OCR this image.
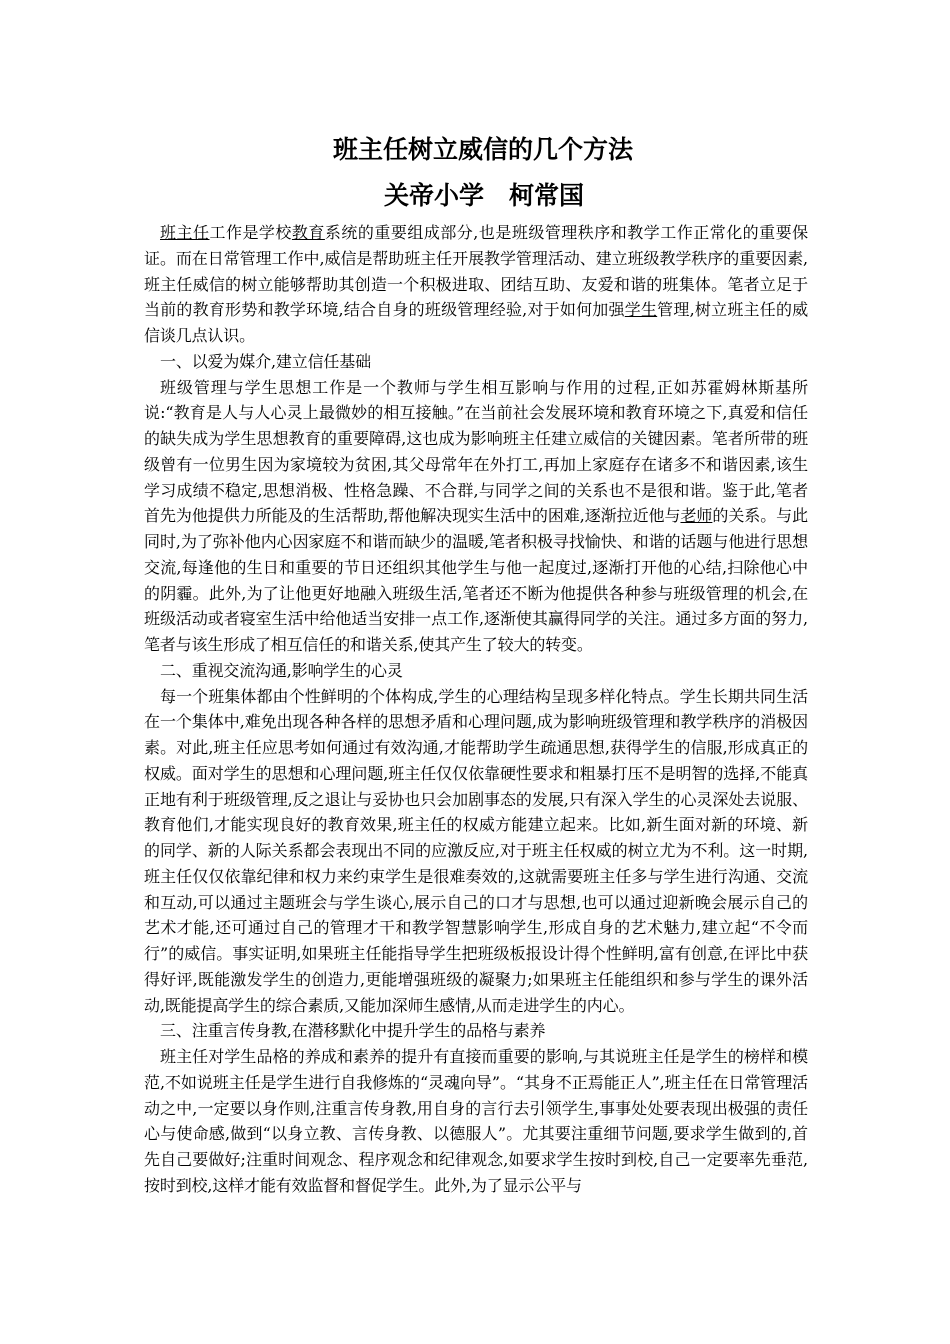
班主任树立威信的几个方法
关帝小学　柯常国

班主任工作是学校教育系统的重要组成部分,也是班级管理秩序和教学工作正常化的重要保证。而在日常管理工作中,威信是帮助班主任开展教学管理活动、建立班级教学秩序的重要因素,班主任威信的树立能够帮助其创造一个积极进取、团结互助、友爱和谐的班集体。笔者立足于当前的教育形势和教学环境,结合自身的班级管理经验,对于如何加强学生管理,树立班主任的威信谈几点认识。

一、以爱为媒介,建立信任基础

班级管理与学生思想工作是一个教师与学生相互影响与作用的过程,正如苏霍姆林斯基所说:“教育是人与人心灵上最微妙的相互接触。”在当前社会发展环境和教育环境之下,真爱和信任的缺失成为学生思想教育的重要障碍,这也成为影响班主任建立威信的关键因素。笔者所带的班级曾有一位男生因为家境较为贫困,其父母常年在外打工,再加上家庭存在诸多不和谐因素,该生学习成绩不稳定,思想消极、性格急躁、不合群,与同学之间的关系也不是很和谐。鉴于此,笔者首先为他提供力所能及的生活帮助,帮他解决现实生活中的困难,逐渐拉近他与老师的关系。与此同时,为了弥补他内心因家庭不和谐而缺少的温暖,笔者积极寻找愉快、和谐的话题与他进行思想交流,每逢他的生日和重要的节日还组织其他学生与他一起度过,逐渐打开他的心结,扫除他心中的阴霾。此外,为了让他更好地融入班级生活,笔者还不断为他提供各种参与班级管理的机会,在班级活动或者寝室生活中给他适当安排一点工作,逐渐使其赢得同学的关注。通过多方面的努力,笔者与该生形成了相互信任的和谐关系,使其产生了较大的转变。

二、重视交流沟通,影响学生的心灵

每一个班集体都由个性鲜明的个体构成,学生的心理结构呈现多样化特点。学生长期共同生活在一个集体中,难免出现各种各样的思想矛盾和心理问题,成为影响班级管理和教学秩序的消极因素。对此,班主任应思考如何通过有效沟通,才能帮助学生疏通思想,获得学生的信服,形成真正的权威。面对学生的思想和心理问题,班主任仅仅依靠硬性要求和粗暴打压不是明智的选择,不能真正地有利于班级管理,反之退让与妥协也只会加剧事态的发展,只有深入学生的心灵深处去说服、教育他们,才能实现良好的教育效果,班主任的权威方能建立起来。比如,新生面对新的环境、新的同学、新的人际关系都会表现出不同的应激反应,对于班主任权威的树立尤为不利。这一时期,班主任仅仅依靠纪律和权力来约束学生是很难奏效的,这就需要班主任多与学生进行沟通、交流和互动,可以通过主题班会与学生谈心,展示自己的口才与思想,也可以通过迎新晚会展示自己的艺术才能,还可通过自己的管理才干和教学智慧影响学生,形成自身的艺术魅力,建立起“不令而行”的威信。事实证明,如果班主任能指导学生把班级板报设计得个性鲜明,富有创意,在评比中获得好评,既能激发学生的创造力,更能增强班级的凝聚力;如果班主任能组织和参与学生的课外活动,既能提高学生的综合素质,又能加深师生感情,从而走进学生的内心。

三、注重言传身教,在潜移默化中提升学生的品格与素养

班主任对学生品格的养成和素养的提升有直接而重要的影响,与其说班主任是学生的榜样和模范,不如说班主任是学生进行自我修炼的“灵魂向导”。“其身不正焉能正人”,班主任在日常管理活动之中,一定要以身作则,注重言传身教,用自身的言行去引领学生,事事处处要表现出极强的责任心与使命感,做到“以身立教、言传身教、以德服人”。尤其要注重细节问题,要求学生做到的,首先自己要做好;注重时间观念、程序观念和纪律观念,如要求学生按时到校,自己一定要率先垂范,按时到校,这样才能有效监督和督促学生。此外,为了显示公平与
